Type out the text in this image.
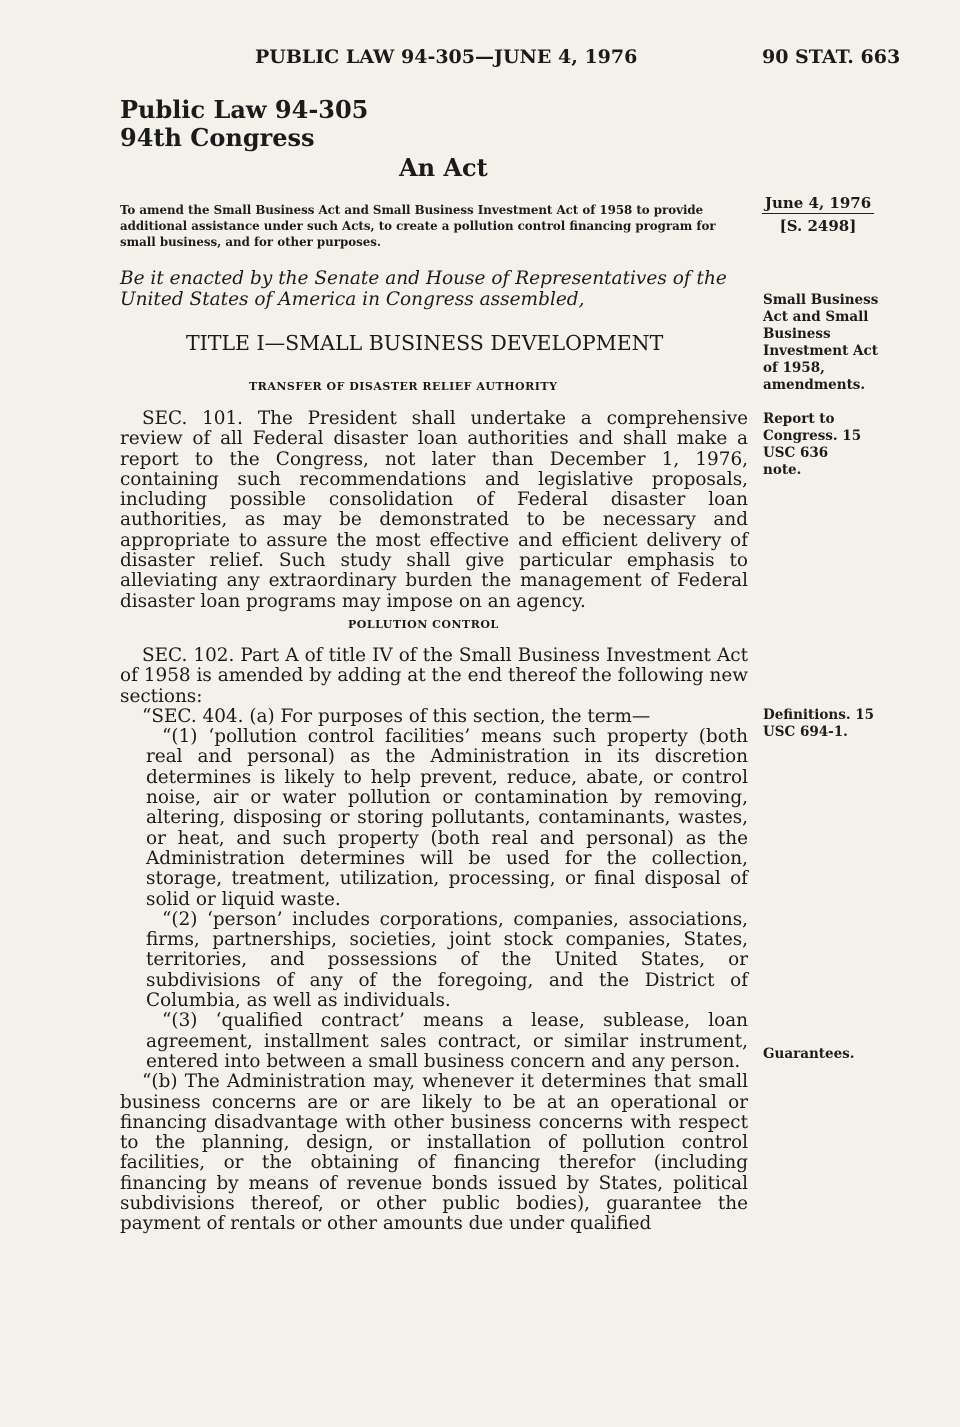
PUBLIC LAW 94-305—JUNE 4, 1976	90 STAT. 663
Public Law 94-305
94th Congress
An Act
To amend the Small Business Act and Small Business Investment Act of 1958 to provide additional assistance under such Acts, to create a pollution control financing program for small business, and for other purposes.
June 4, 1976
[S. 2498]
Be it enacted by the Senate and House of Representatives of the United States of America in Congress assembled,
TITLE I—SMALL BUSINESS DEVELOPMENT
TRANSFER OF DISASTER RELIEF AUTHORITY

SEC. 101. The President shall undertake a comprehensive review of all Federal disaster loan authorities and shall make a report to the Congress, not later than December 1, 1976, containing such recommendations and legislative proposals, including possible consolidation of Federal disaster loan authorities, as may be demonstrated to be necessary and appropriate to assure the most effective and efficient delivery of disaster relief. Such study shall give particular emphasis to alleviating any extraordinary burden the management of Federal disaster loan programs may impose on an agency.

POLLUTION CONTROL

SEC. 102. Part A of title IV of the Small Business Investment Act of 1958 is amended by adding at the end thereof the following new sections:

“SEC. 404. (a) For purposes of this section, the term—

“(1) ‘pollution control facilities’ means such property (both real and personal) as the Administration in its discretion determines is likely to help prevent, reduce, abate, or control noise, air or water pollution or contamination by removing, altering, disposing or storing pollutants, contaminants, wastes, or heat, and such property (both real and personal) as the Administration determines will be used for the collection, storage, treatment, utilization, processing, or final disposal of solid or liquid waste.

“(2) ‘person’ includes corporations, companies, associations, firms, partnerships, societies, joint stock companies, States, territories, and possessions of the United States, or subdivisions of any of the foregoing, and the District of Columbia, as well as individuals.

“(3) ‘qualified contract’ means a lease, sublease, loan agreement, installment sales contract, or similar instrument, entered into between a small business concern and any person.

“(b) The Administration may, whenever it determines that small business concerns are or are likely to be at an operational or financing disadvantage with other business concerns with respect to the planning, design, or installation of pollution control facilities, or the obtaining of financing therefor (including financing by means of revenue bonds issued by States, political subdivisions thereof, or other public bodies), guarantee the payment of rentals or other amounts due under qualified

Small Business Act and Small Business Investment Act of 1958, amendments.
Report to Congress. 15 USC 636 note.
Definitions. 15 USC 694-1.
Guarantees.
